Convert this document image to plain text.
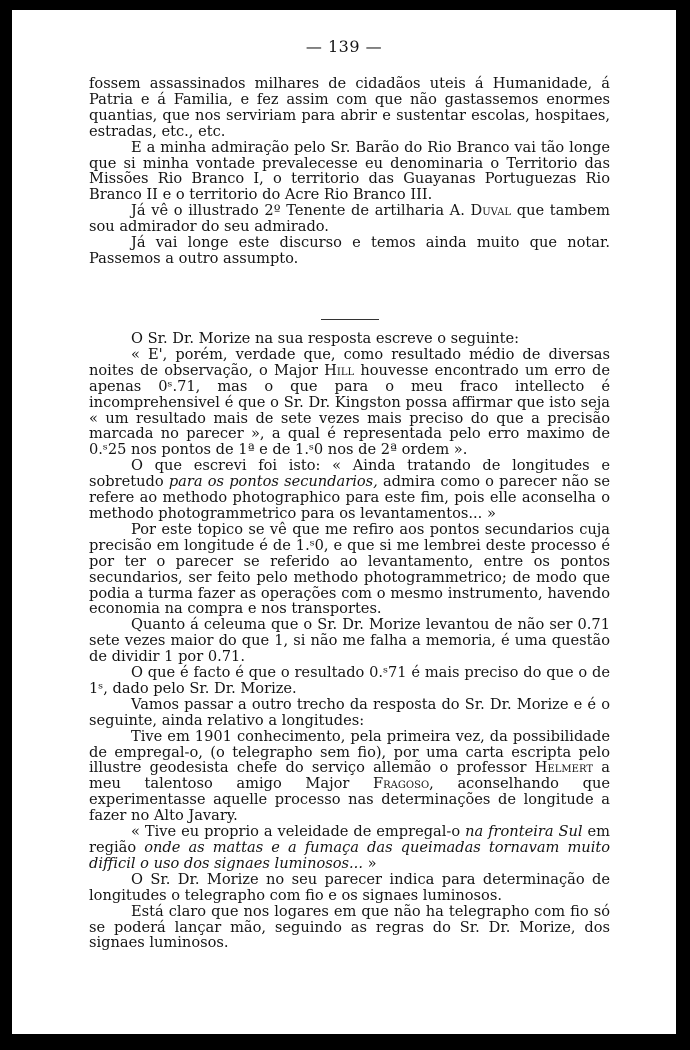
— 139 —

fossem assassinados milhares de cidadãos uteis á Humanidade, á Patria e á Familia, e fez assim com que não gastassemos enormes quantias, que nos serviriam para abrir e sustentar escolas, hospitaes, estradas, etc., etc.

E a minha admiração pelo Sr. Barão do Rio Branco vai tão longe que si minha vontade prevalecesse eu denominaria o Territorio das Missões Rio Branco I, o territorio das Guayanas Portuguezas Rio Branco II e o territorio do Acre Rio Branco III.

Já vê o illustrado 2º Tenente de artilharia A. Duval que tambem sou admirador do seu admirado.

Já vai longe este discurso e temos ainda muito que notar. Passemos a outro assumpto.

O Sr. Dr. Morize na sua resposta escreve o seguinte:

« E', porém, verdade que, como resultado médio de diversas noites de observação, o Major Hill houvesse encontrado um erro de apenas 0ˢ.71, mas o que para o meu fraco intellecto é incomprehensivel é que o Sr. Dr. Kingston possa affirmar que isto seja « um resultado mais de sete vezes mais preciso do que a precisão marcada no parecer », a qual é representada pelo erro maximo de 0.ˢ25 nos pontos de 1ª e de 1.ˢ0 nos de 2ª ordem ».

O que escrevi foi isto: « Ainda tratando de longitudes e sobretudo para os pontos secundarios, admira como o parecer não se refere ao methodo photographico para este fim, pois elle aconselha o methodo photogrammetrico para os levantamentos... »

Por este topico se vê que me refiro aos pontos secundarios cuja precisão em longitude é de 1.ˢ0, e que si me lembrei deste processo é por ter o parecer se referido ao levantamento, entre os pontos secundarios, ser feito pelo methodo photogrammetrico; de modo que podia a turma fazer as operações com o mesmo instrumento, havendo economia na compra e nos transportes.

Quanto á celeuma que o Sr. Dr. Morize levantou de não ser 0.71 sete vezes maior do que 1, si não me falha a memoria, é uma questão de dividir 1 por 0.71.

O que é facto é que o resultado 0.ˢ71 é mais preciso do que o de 1ˢ, dado pelo Sr. Dr. Morize.

Vamos passar a outro trecho da resposta do Sr. Dr. Morize e é o seguinte, ainda relativo a longitudes:

Tive em 1901 conhecimento, pela primeira vez, da possibilidade de empregal-o, (o telegrapho sem fio), por uma carta escripta pelo illustre geodesista chefe do serviço allemão o professor Helmert a meu talentoso amigo Major Fragoso, aconselhando que experimentasse aquelle processo nas determinações de longitude a fazer no Alto Javary.

« Tive eu proprio a veleidade de empregal-o na fronteira Sul em região onde as mattas e a fumaça das queimadas tornavam muito difficil o uso dos signaes luminosos... »

O Sr. Dr. Morize no seu parecer indica para determinação de longitudes o telegrapho com fio e os signaes luminosos.

Está claro que nos logares em que não ha telegrapho com fio só se poderá lançar mão, seguindo as regras do Sr. Dr. Morize, dos signaes luminosos.
